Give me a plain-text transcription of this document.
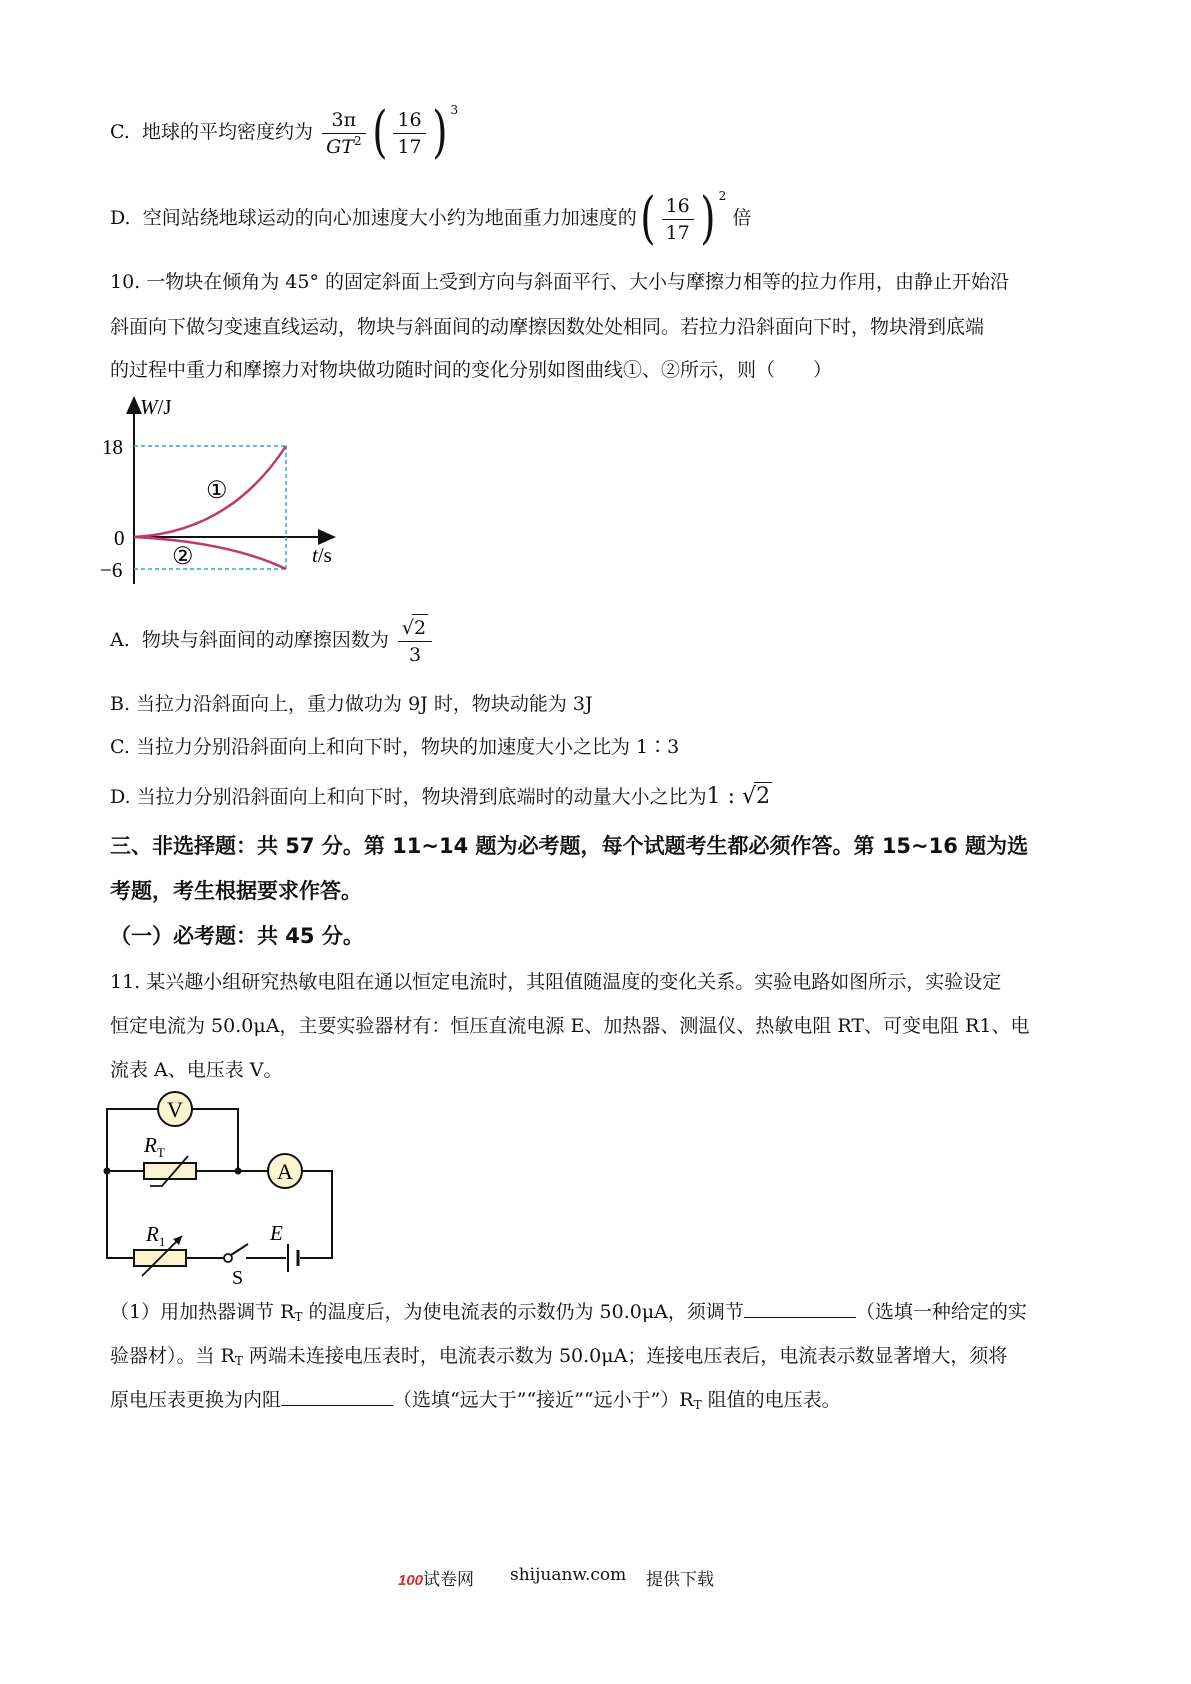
C. 地球的平均密度约为 $\frac{3\pi}{GT^2}$ ( $\frac{16}{17}$ ) $^3$
D. 空间站绕地球运动的向心加速度大小约为地面重力加速度的( $\frac{16}{17}$ ) $^2$ 倍
10. 一物块在倾角为 45° 的固定斜面上受到方向与斜面平行、大小与摩擦力相等的拉力作用，由静止开始沿
斜面向下做匀变速直线运动，物块与斜面间的动摩擦因数处处相同。若拉力沿斜面向下时，物块滑到底端
的过程中重力和摩擦力对物块做功随时间的变化分别如图曲线①、②所示，则（　　）
W/J
t/s
18
0
−6
①
②
A. 物块与斜面间的动摩擦因数为 $\frac{√2}{3}$
B. 当拉力沿斜面向上，重力做功为 9J 时，物块动能为 3J
C. 当拉力分别沿斜面向上和向下时，物块的加速度大小之比为 1∶3
D. 当拉力分别沿斜面向上和向下时，物块滑到底端时的动量大小之比为1 : √2
三、非选择题：共 57 分。第 11~14 题为必考题，每个试题考生都必须作答。第 15~16 题为选
考题，考生根据要求作答。
（一）必考题：共 45 分。
11. 某兴趣小组研究热敏电阻在通以恒定电流时，其阻值随温度的变化关系。实验电路如图所示，实验设定
恒定电流为 50.0μA，主要实验器材有：恒压直流电源 E、加热器、测温仪、热敏电阻 RT、可变电阻 R1、电
流表 A、电压表 V。
V
A
$R_T$
$R_1$
S
E
（1）用加热器调节 $R_T$ 的温度后，为使电流表的示数仍为 50.0μA，须调节	（选填一种给定的实
验器材）。当 $R_T$ 两端未连接电压表时，电流表示数为 50.0μA；连接电压表后，电流表示数显著增大，须将
原电压表更换为内阻	（选填“远大于”“接近”“远小于$”)R_T$ 阻值的电压表。
100试卷网 shijuanw.com 提供下载
